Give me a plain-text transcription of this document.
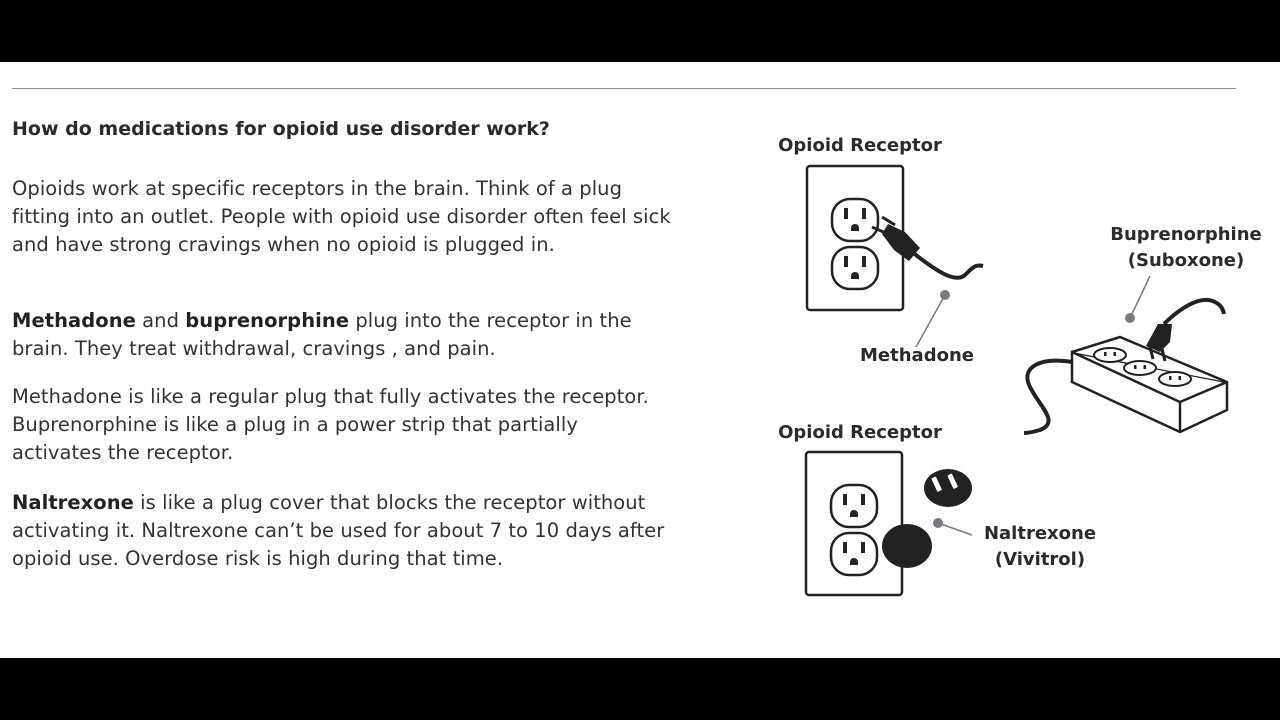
How do medications for opioid use disorder work?

Opioids work at specific receptors in the brain. Think of a plug fitting into an outlet. People with opioid use disorder often feel sick and have strong cravings when no opioid is plugged in.

Methadone and buprenorphine plug into the receptor in the brain. They treat withdrawal, cravings , and pain.

Methadone is like a regular plug that fully activates the receptor. Buprenorphine is like a plug in a power strip that partially activates the receptor.

Naltrexone is like a plug cover that blocks the receptor without activating it. Naltrexone can’t be used for about 7 to 10 days after opioid use. Overdose risk is high during that time.

Opioid Receptor
Methadone
Buprenorphine
(Suboxone)
Opioid Receptor
Naltrexone
(Vivitrol)
